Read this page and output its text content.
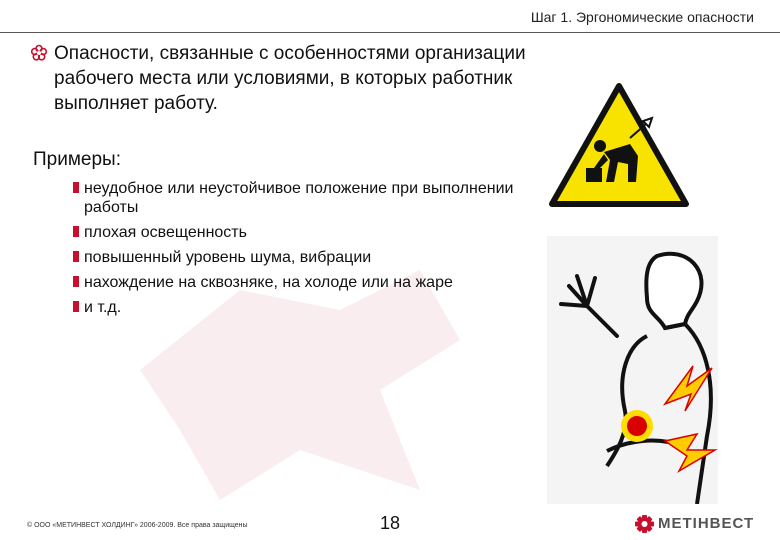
Шаг 1. Эргономические опасности
Опасности, связанные с особенностями организации рабочего места или условиями, в которых работник выполняет работу.
Примеры:
неудобное или неустойчивое положение при выполнении работы
плохая освещенность
повышенный уровень шума, вибрации
нахождение на сквозняке, на холоде или на жаре
и т.д.
© ООО «МЕТИНВЕСТ ХОЛДИНГ» 2006-2009. Все права защищены	18	МЕТІНВЕСТ
